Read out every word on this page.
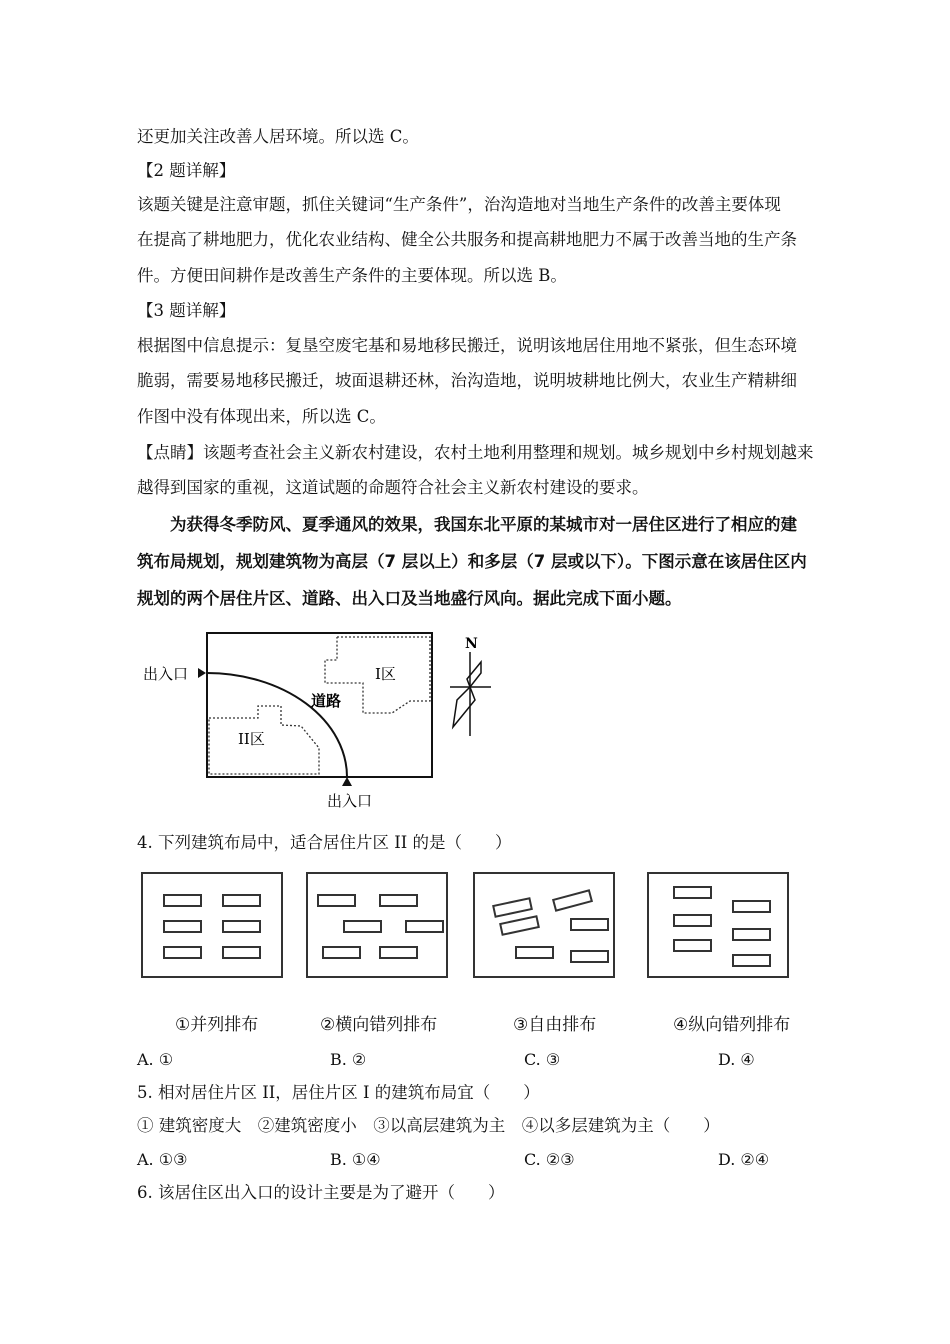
还更加关注改善人居环境。所以选 C。
【2 题详解】
该题关键是注意审题，抓住关键词“生产条件”，治沟造地对当地生产条件的改善主要体现
在提高了耕地肥力，优化农业结构、健全公共服务和提高耕地肥力不属于改善当地的生产条
件。方便田间耕作是改善生产条件的主要体现。所以选 B。
【3 题详解】
根据图中信息提示：复垦空废宅基和易地移民搬迁，说明该地居住用地不紧张，但生态环境
脆弱，需要易地移民搬迁，坡面退耕还林，治沟造地，说明坡耕地比例大，农业生产精耕细
作图中没有体现出来，所以选 C。
【点睛】该题考查社会主义新农村建设，农村土地利用整理和规划。城乡规划中乡村规划越来
越得到国家的重视，这道试题的命题符合社会主义新农村建设的要求。
为获得冬季防风、夏季通风的效果，我国东北平原的某城市对一居住区进行了相应的建
筑布局规划，规划建筑物为高层（7 层以上）和多层（7 层或以下）。下图示意在该居住区内
规划的两个居住片区、道路、出入口及当地盛行风向。据此完成下面小题。
出入口
出入口
I区
道路
II区
N
4. 下列建筑布局中，适合居住片区 II 的是（　　）
①并列排布	②横向错列排布	③自由排布	④纵向错列排布
A. ①	B. ②	C. ③	D. ④
5. 相对居住片区 II，居住片区 I 的建筑布局宜（　　）
① 建筑密度大　②建筑密度小　③以高层建筑为主　④以多层建筑为主（　　）
A. ①③	B. ①④	C. ②③	D. ②④
6. 该居住区出入口的设计主要是为了避开（　　）
